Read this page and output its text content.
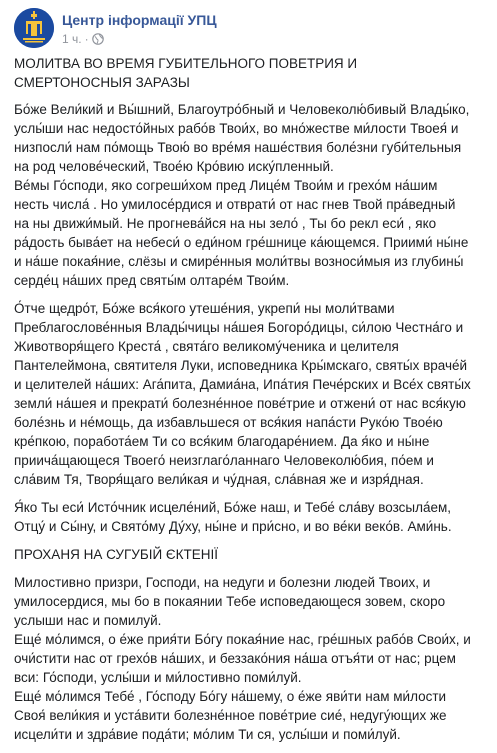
Центр інформації УПЦ
1 ч. ·

МОЛИТВА ВО ВРЕМЯ ГУБИТЕЛЬНОГО ПОВЕТРИЯ И
СМЕРТОНОСНЫЯ ЗАРАЗЫ

Бо́же Вели́кий и Вы́шний, Благоутро́бный и Человеколю́бивый Влады́ко,
услы́ши нас недосто́йных рабо́в Твои́х, во мно́жестве ми́лости Твоея́ и
низпосли́ нам по́мощь Твою́ во вре́мя наше́ствия боле́зни губи́тельныя
на род челове́ческий, Твое́ю Кро́вию иску́пленный.
Ве́мы Го́споди, яко согреши́хом пред Лице́м Твои́м и грехо́м на́шим
несть числа́ . Но умилосе́рдися и отврати́ от нас гнев Твой пра́ведный
на ны движи́мый. Не прогнева́йся на ны зело́ , Ты бо рекл еси́ , яко
ра́дость быва́ет на небеси́ о еди́ном гре́шнице ка́ющемся. Приими́ ны́не
и на́ше покая́ние, слёзы и смире́нныя моли́твы возноси́мыя из глубины́
серде́ц на́ших пред святы́м олтаре́м Твои́м.

О́тче щедро́т, Бо́же вся́кого утеше́ния, укрепи́ ны моли́твами
Преблагослове́нныя Влады́чицы на́шея Богоро́дицы, си́лою Честна́го и
Животворя́щего Креста́ , свята́го великому́ченика и целителя
Пантелеймона, святителя Луки, исповедника Кры́мскаго, святы́х враче́й
и целителей на́ших: Ага́пита, Дамиа́на, Ипа́тия Пече́рских и Все́х святы́х
земли́ на́шея и прекрати́ болезне́нное пове́трие и отжени́ от нас вся́кую
боле́знь и не́мощь, да избавльшеся от вся́кия напа́сти Руко́ю Твое́ю
кре́пкою, поработа́ем Ти со вся́ким благодаре́нием. Да я́ко и ны́не
приича́щающеся Твоего́ неизглаго́ланнаго Человеколю́бия, по́ем и
сла́вим Тя, Творя́щаго вели́кая и чу́дная, сла́вная же и изря́дная.

Я́ко Ты еси́ Исто́чник исцеле́ний, Бо́же наш, и Тебе́ сла́ву возсыла́ем,
Отцу́ и Сы́ну, и Свято́му Ду́ху, ны́не и при́сно, и во ве́ки веко́в. Ами́нь.

ПРОХАНЯ НА СУГУБІЙ ЄКТЕНІЇ

Милостивно призри, Господи, на недуги и болезни людей Твоих, и
умилосердися, мы бо в покаянии Тебе исповедающеся зовем, скоро
услыши нас и помилуй.
Еще́ мо́лимся, о е́же прия́ти Бо́гу покая́ние нас, гре́шных рабо́в Свои́х, и
очи́стити нас от грехо́в на́ших, и беззако́ния на́ша отъя́ти от нас; рцем
вси: Го́споди, услы́ши и ми́лостивно поми́луй.
Еще́ мо́лимся Тебе́ , Го́споду Бо́гу на́шему, о е́же яви́ти нам ми́лости
Своя́ вели́кия и уста́вити болезне́нное пове́трие сие́, недугу́ющих же
исцели́ти и здра́вие пода́ти; мо́лим Ти ся, услы́ши и поми́луй.
